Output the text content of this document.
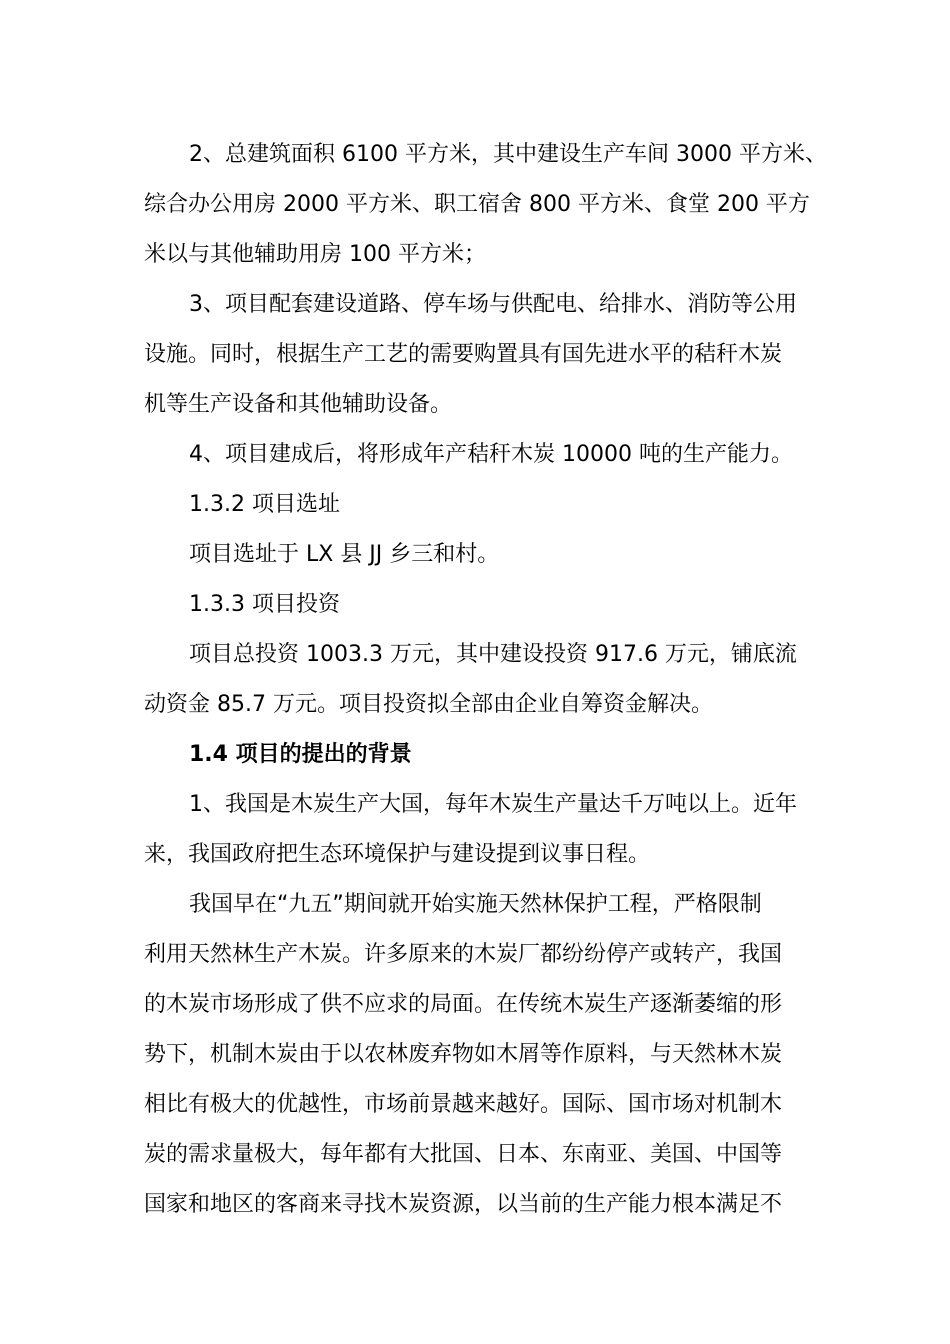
2、总建筑面积 6100 平方米，其中建设生产车间 3000 平方米、
综合办公用房 2000 平方米、职工宿舍 800 平方米、食堂 200 平方
米以与其他辅助用房 100 平方米；
3、项目配套建设道路、停车场与供配电、给排水、消防等公用
设施。同时，根据生产工艺的需要购置具有国先进水平的秸秆木炭
机等生产设备和其他辅助设备。
4、项目建成后，将形成年产秸秆木炭 10000 吨的生产能力。
1.3.2 项目选址
项目选址于 LX 县 JJ 乡三和村。
1.3.3 项目投资
项目总投资 1003.3 万元，其中建设投资 917.6 万元，铺底流
动资金 85.7 万元。项目投资拟全部由企业自筹资金解决。
1.4 项目的提出的背景
1、我国是木炭生产大国，每年木炭生产量达千万吨以上。近年
来，我国政府把生态环境保护与建设提到议事日程。
我国早在“九五”期间就开始实施天然林保护工程，严格限制
利用天然林生产木炭。许多原来的木炭厂都纷纷停产或转产，我国
的木炭市场形成了供不应求的局面。在传统木炭生产逐渐萎缩的形
势下，机制木炭由于以农林废弃物如木屑等作原料，与天然林木炭
相比有极大的优越性，市场前景越来越好。国际、国市场对机制木
炭的需求量极大，每年都有大批国、日本、东南亚、美国、中国等
国家和地区的客商来寻找木炭资源，以当前的生产能力根本满足不
